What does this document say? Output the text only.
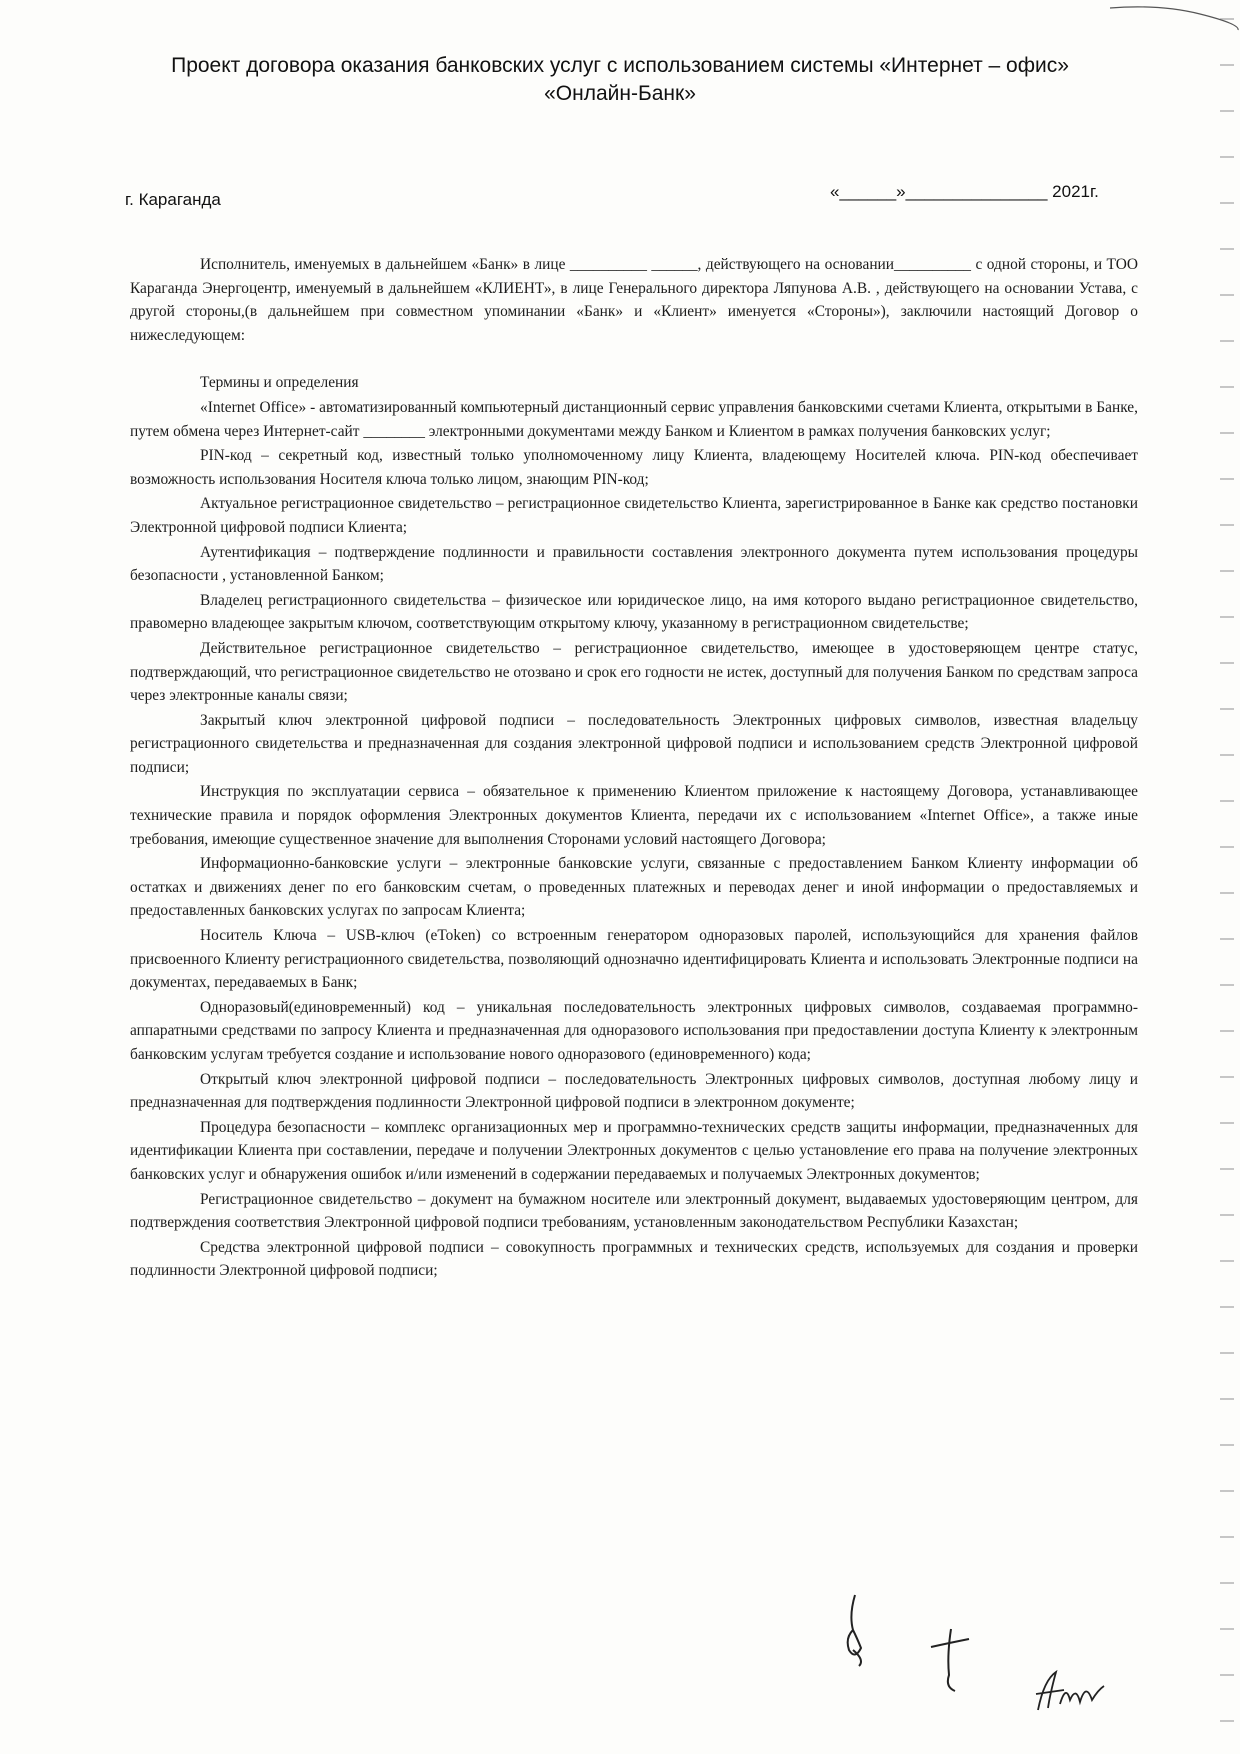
Проект договора оказания банковских услуг с использованием системы «Интернет – офис»
«Онлайн-Банк»
г. Караганда	«______»_______________ 2021г.

Исполнитель, именуемых в дальнейшем «Банк» в лице __________ ______, действующего на основании__________ с одной стороны, и ТОО Караганда Энергоцентр, именуемый в дальнейшем «КЛИЕНТ», в лице Генерального директора Ляпунова А.В. , действующего на основании Устава, с другой стороны,(в дальнейшем при совместном упоминании «Банк» и «Клиент» именуется «Стороны»), заключили настоящий Договор о нижеследующем:

Термины и определения

«Internet Office» - автоматизированный компьютерный дистанционный сервис управления банковскими счетами Клиента, открытыми в Банке, путем обмена через Интернет-сайт ________ электронными документами между Банком и Клиентом в рамках получения банковских услуг;

PIN-код – секретный код, известный только уполномоченному лицу Клиента, владеющему Носителей ключа. PIN-код обеспечивает возможность использования Носителя ключа только лицом, знающим PIN-код;

Актуальное регистрационное свидетельство – регистрационное свидетельство Клиента, зарегистрированное в Банке как средство постановки Электронной цифровой подписи Клиента;

Аутентификация – подтверждение подлинности и правильности составления электронного документа путем использования процедуры безопасности , установленной Банком;

Владелец регистрационного свидетельства – физическое или юридическое лицо, на имя которого выдано регистрационное свидетельство, правомерно владеющее закрытым ключом, соответствующим открытому ключу, указанному в регистрационном свидетельстве;

Действительное регистрационное свидетельство – регистрационное свидетельство, имеющее в удостоверяющем центре статус, подтверждающий, что регистрационное свидетельство не отозвано и срок его годности не истек, доступный для получения Банком по средствам запроса через электронные каналы связи;

Закрытый ключ электронной цифровой подписи – последовательность Электронных цифровых символов, известная владельцу регистрационного свидетельства и предназначенная для создания электронной цифровой подписи и использованием средств Электронной цифровой подписи;

Инструкция по эксплуатации сервиса – обязательное к применению Клиентом приложение к настоящему Договора, устанавливающее технические правила и порядок оформления Электронных документов Клиента, передачи их с использованием «Internet Office», а также иные требования, имеющие существенное значение для выполнения Сторонами условий настоящего Договора;

Информационно-банковские услуги – электронные банковские услуги, связанные с предоставлением Банком Клиенту информации об остатках и движениях денег по его банковским счетам, о проведенных платежных и переводах денег и иной информации о предоставляемых и предоставленных банковских услугах по запросам Клиента;

Носитель Ключа – USB-ключ (eToken) со встроенным генератором одноразовых паролей, использующийся для хранения файлов присвоенного Клиенту регистрационного свидетельства, позволяющий однозначно идентифицировать Клиента и использовать Электронные подписи на документах, передаваемых в Банк;

Одноразовый(единовременный) код – уникальная последовательность электронных цифровых символов, создаваемая программно-аппаратными средствами по запросу Клиента и предназначенная для одноразового использования при предоставлении доступа Клиенту к электронным банковским услугам требуется создание и использование нового одноразового (единовременного) кода;

Открытый ключ электронной цифровой подписи – последовательность Электронных цифровых символов, доступная любому лицу и предназначенная для подтверждения подлинности Электронной цифровой подписи в электронном документе;

Процедура безопасности – комплекс организационных мер и программно-технических средств защиты информации, предназначенных для идентификации Клиента при составлении, передаче и получении Электронных документов с целью установление его права на получение электронных банковских услуг и обнаружения ошибок и/или изменений в содержании передаваемых и получаемых Электронных документов;

Регистрационное свидетельство – документ на бумажном носителе или электронный документ, выдаваемых удостоверяющим центром, для подтверждения соответствия Электронной цифровой подписи требованиям, установленным законодательством Республики Казахстан;

Средства электронной цифровой подписи – совокупность программных и технических средств, используемых для создания и проверки подлинности Электронной цифровой подписи;
